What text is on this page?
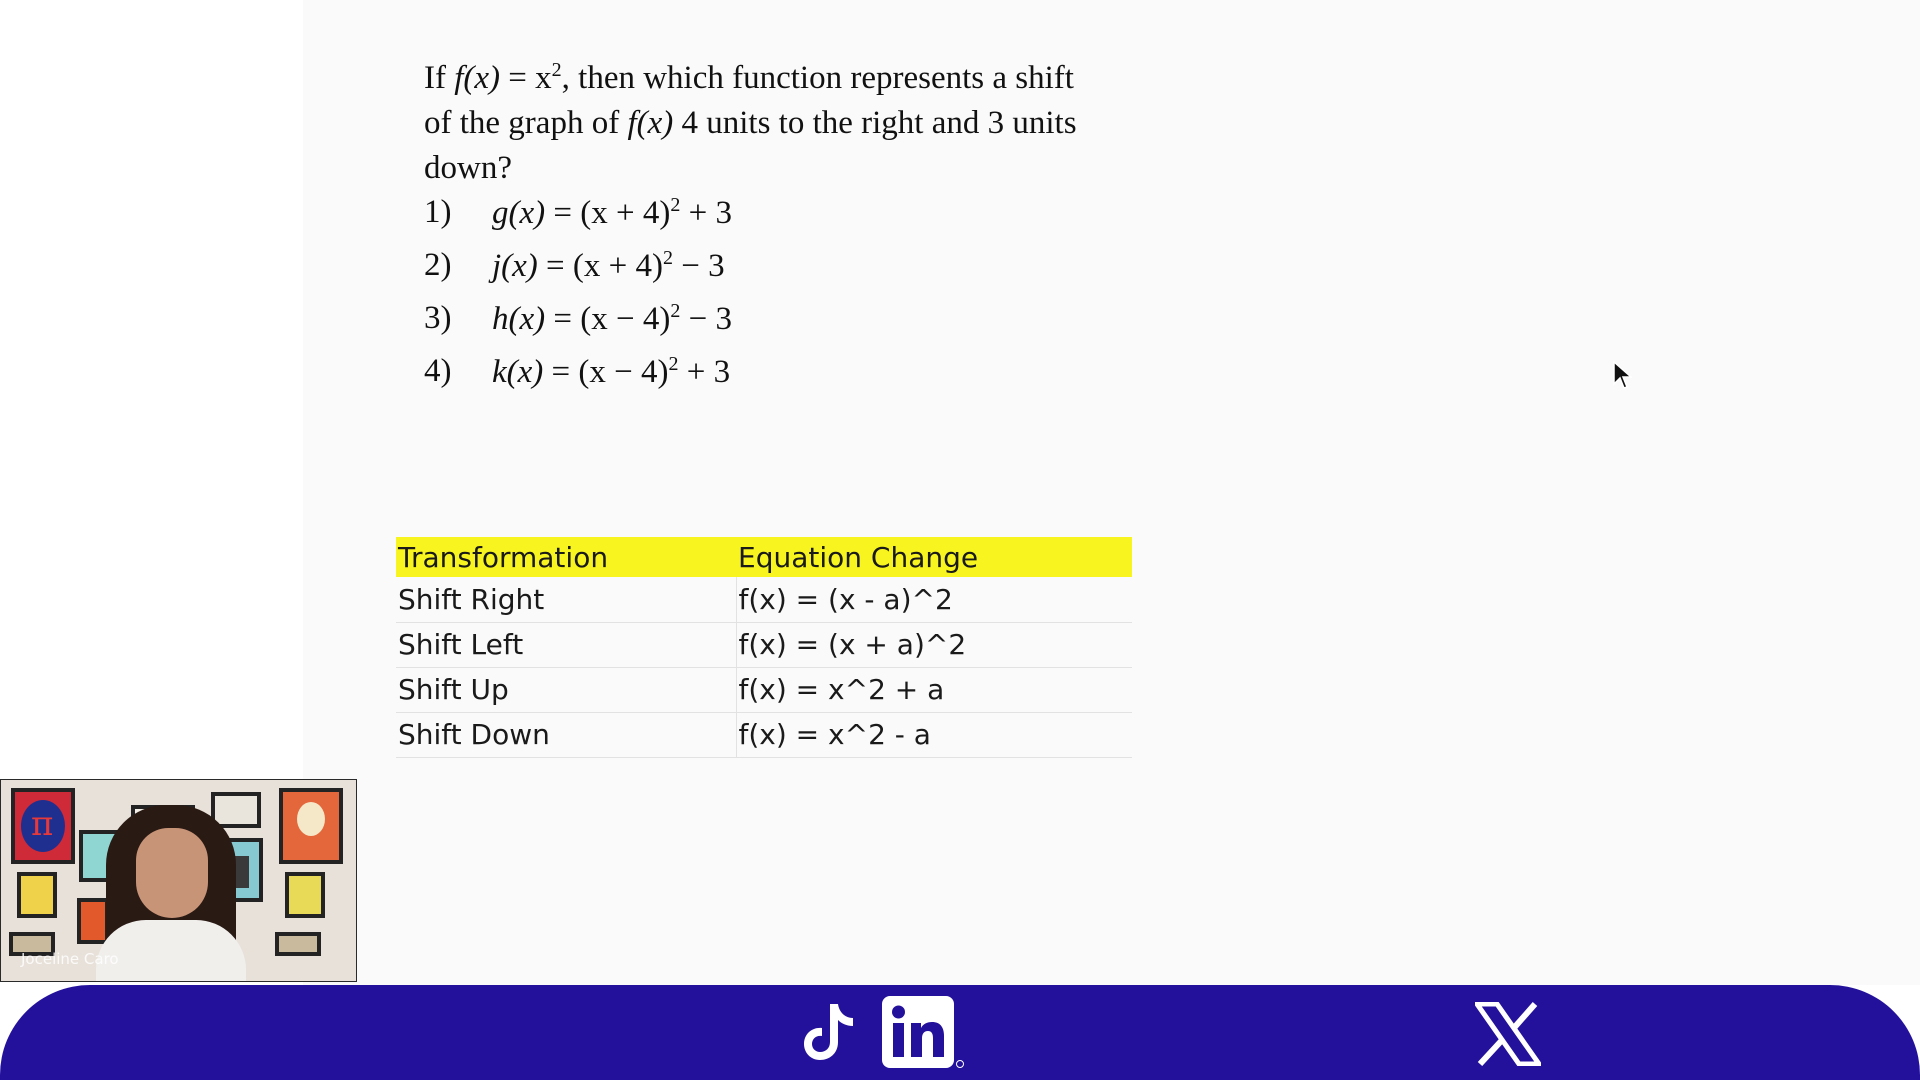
If $f(x) = x^2$, then which function represents a shift
of the graph of f(x) 4 units to the right and 3 units
down?
1)	$g(x) = (x + 4)^2 + 3$
2)	$j(x) = (x + 4)^2 - 3$
3)	$h(x) = (x - 4)^2 - 3$
4)	$k(x) = (x - 4)^2 + 3$
Transformation	Equation Change
Shift Right	f(x) = (x - a)^2
Shift Left	f(x) = (x + a)^2
Shift Up	f(x) = x^2 + a
Shift Down	f(x) = x^2 - a
π
Joceline Caro
